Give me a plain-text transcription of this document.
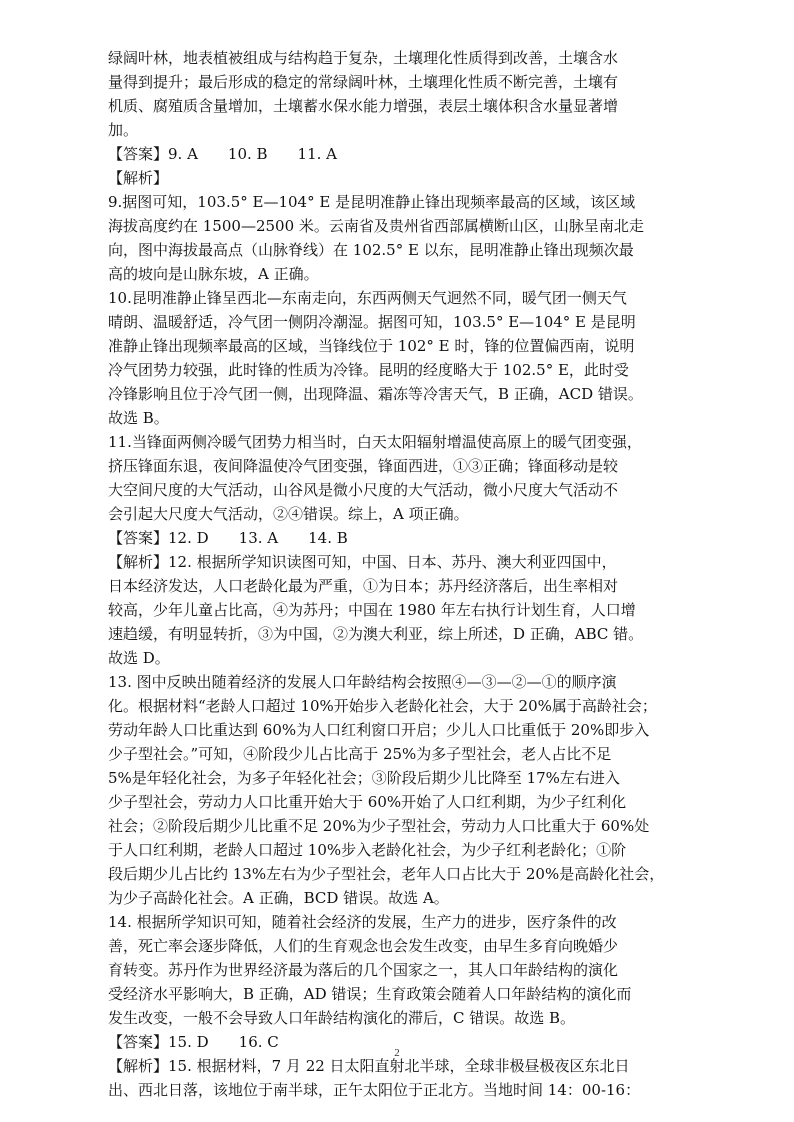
绿阔叶林，地表植被组成与结构趋于复杂，土壤理化性质得到改善，土壤含水
量得到提升；最后形成的稳定的常绿阔叶林，土壤理化性质不断完善，土壤有
机质、腐殖质含量增加，土壤蓄水保水能力增强，表层土壤体积含水量显著增
加。

【答案】9. A　　10. B　　11. A

【解析】

9.据图可知，103.5° E—104° E 是昆明准静止锋出现频率最高的区域，该区域
海拔高度约在 1500—2500 米。云南省及贵州省西部属横断山区，山脉呈南北走
向，图中海拔最高点（山脉脊线）在 102.5° E 以东，昆明准静止锋出现频次最
高的坡向是山脉东坡，A 正确。

10.昆明准静止锋呈西北—东南走向，东西两侧天气迥然不同，暖气团一侧天气
晴朗、温暖舒适，冷气团一侧阴冷潮湿。据图可知，103.5° E—104° E 是昆明
准静止锋出现频率最高的区域，当锋线位于 102° E 时，锋的位置偏西南，说明
冷气团势力较强，此时锋的性质为冷锋。昆明的经度略大于 102.5° E，此时受
冷锋影响且位于冷气团一侧，出现降温、霜冻等冷害天气，B 正确，ACD 错误。
故选 B。

11.当锋面两侧冷暖气团势力相当时，白天太阳辐射增温使高原上的暖气团变强，
挤压锋面东退，夜间降温使冷气团变强，锋面西进，①③正确；锋面移动是较
大空间尺度的大气活动，山谷风是微小尺度的大气活动，微小尺度大气活动不
会引起大尺度大气活动，②④错误。综上，A 项正确。

【答案】12. D　　13. A　　14. B

【解析】12. 根据所学知识读图可知，中国、日本、苏丹、澳大利亚四国中，
日本经济发达，人口老龄化最为严重，①为日本；苏丹经济落后，出生率相对
较高，少年儿童占比高，④为苏丹；中国在 1980 年左右执行计划生育，人口增
速趋缓，有明显转折，③为中国，②为澳大利亚，综上所述，D 正确，ABC 错。
故选 D。

13. 图中反映出随着经济的发展人口年龄结构会按照④—③—②—①的顺序演
化。根据材料“老龄人口超过 10%开始步入老龄化社会，大于 20%属于高龄社会；
劳动年龄人口比重达到 60%为人口红利窗口开启；少儿人口比重低于 20%即步入
少子型社会。”可知，④阶段少儿占比高于 25%为多子型社会，老人占比不足
5%是年轻化社会，为多子年轻化社会；③阶段后期少儿比降至 17%左右进入
少子型社会，劳动力人口比重开始大于 60%开始了人口红利期，为少子红利化
社会；②阶段后期少儿比重不足 20%为少子型社会，劳动力人口比重大于 60%处
于人口红利期，老龄人口超过 10%步入老龄化社会，为少子红利老龄化；①阶
段后期少儿占比约 13%左右为少子型社会，老年人口占比大于 20%是高龄化社会，
为少子高龄化社会。A 正确，BCD 错误。故选 A。

14. 根据所学知识可知，随着社会经济的发展，生产力的进步，医疗条件的改
善，死亡率会逐步降低，人们的生育观念也会发生改变，由早生多育向晚婚少
育转变。苏丹作为世界经济最为落后的几个国家之一，其人口年龄结构的演化
受经济水平影响大，B 正确，AD 错误；生育政策会随着人口年龄结构的演化而
发生改变，一般不会导致人口年龄结构演化的滞后，C 错误。故选 B。

【答案】15. D　　16. C

【解析】15. 根据材料，7 月 22 日太阳直射北半球，全球非极昼极夜区东北日
出、西北日落，该地位于南半球，正午太阳位于正北方。当地时间 14：00-16：

2
